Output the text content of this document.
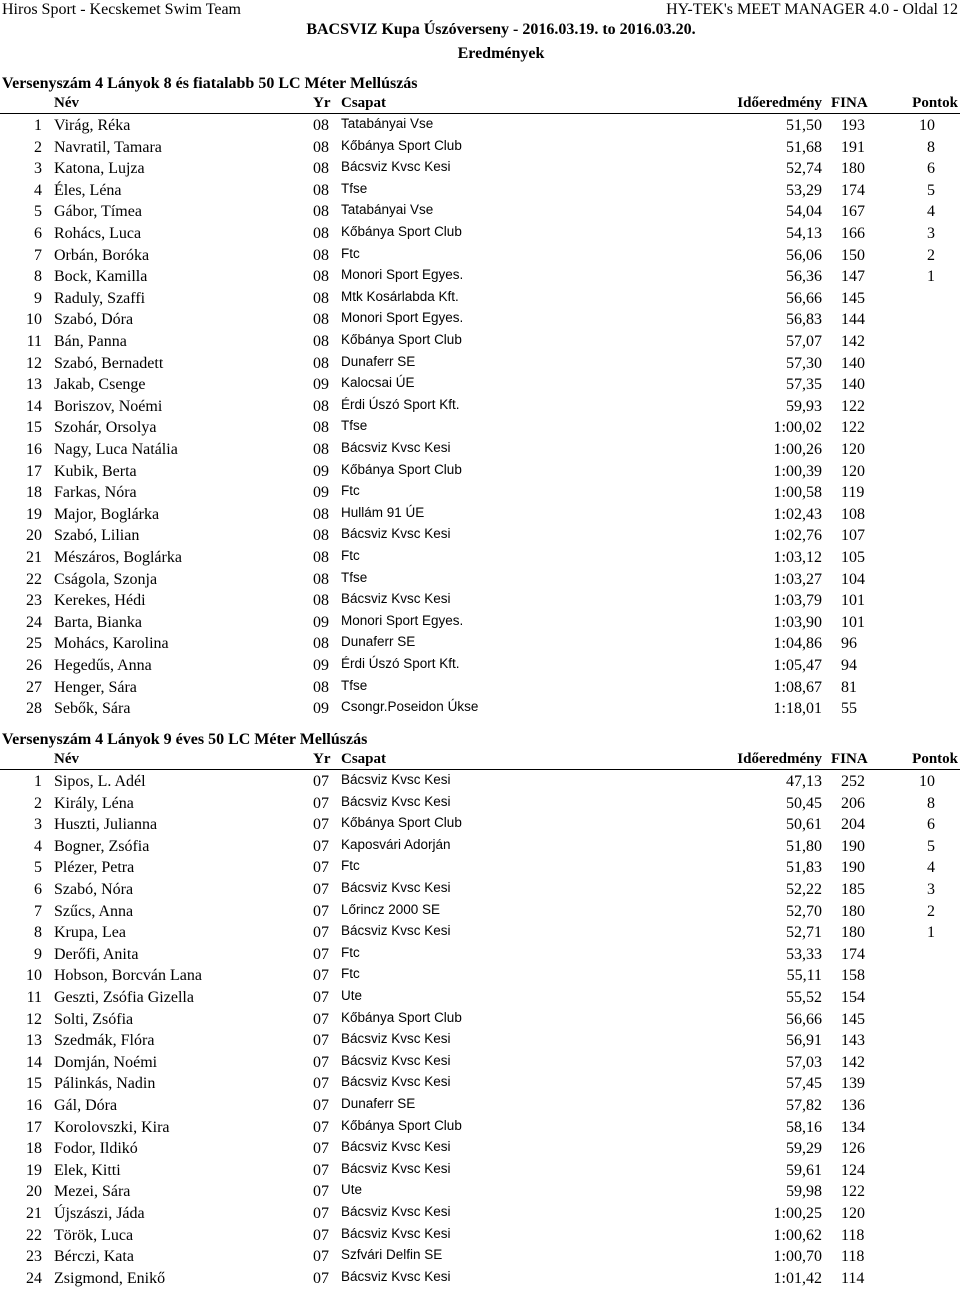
Hiros Sport - Kecskemet Swim Team	HY-TEK's MEET MANAGER 4.0 - Oldal 12
BACSVIZ Kupa Úszóverseny - 2016.03.19. to 2016.03.20.
Eredmények
Versenyszám 4 Lányok 8 és fiatalabb 50 LC Méter Mellúszás
Név	Yr Csapat	Időeredmény FINA	Pontok
1 Virág, Réka	08 Tatabányai Vse	51,50 193	10
2 Navratil, Tamara	08 Kőbánya Sport Club	51,68 191	8
3 Katona, Lujza	08 Bácsviz Kvsc Kesi	52,74 180	6
4 Éles, Léna	08 Tfse	53,29 174	5
5 Gábor, Tímea	08 Tatabányai Vse	54,04 167	4
6 Rohács, Luca	08 Kőbánya Sport Club	54,13 166	3
7 Orbán, Boróka	08 Ftc	56,06 150	2
8 Bock, Kamilla	08 Monori Sport Egyes.	56,36 147	1
9 Raduly, Szaffi	08 Mtk Kosárlabda Kft.	56,66 145
10 Szabó, Dóra	08 Monori Sport Egyes.	56,83 144
11 Bán, Panna	08 Kőbánya Sport Club	57,07 142
12 Szabó, Bernadett	08 Dunaferr SE	57,30 140
13 Jakab, Csenge	09 Kalocsai ÚE	57,35 140
14 Boriszov, Noémi	08 Érdi Úszó Sport Kft.	59,93 122
15 Szohár, Orsolya	08 Tfse	1:00,02 122
16 Nagy, Luca Natália	08 Bácsviz Kvsc Kesi	1:00,26 120
17 Kubik, Berta	09 Kőbánya Sport Club	1:00,39 120
18 Farkas, Nóra	09 Ftc	1:00,58 119
19 Major, Boglárka	08 Hullám 91 ÚE	1:02,43 108
20 Szabó, Lilian	08 Bácsviz Kvsc Kesi	1:02,76 107
21 Mészáros, Boglárka	08 Ftc	1:03,12 105
22 Cságola, Szonja	08 Tfse	1:03,27 104
23 Kerekes, Hédi	08 Bácsviz Kvsc Kesi	1:03,79 101
24 Barta, Bianka	09 Monori Sport Egyes.	1:03,90 101
25 Mohács, Karolina	08 Dunaferr SE	1:04,86 96
26 Hegedűs, Anna	09 Érdi Úszó Sport Kft.	1:05,47 94
27 Henger, Sára	08 Tfse	1:08,67 81
28 Sebők, Sára	09 Csongr.Poseidon Úkse	1:18,01 55
Versenyszám 4 Lányok 9 éves 50 LC Méter Mellúszás
Név	Yr Csapat	Időeredmény FINA	Pontok
1 Sipos, L. Adél	07 Bácsviz Kvsc Kesi	47,13 252	10
2 Király, Léna	07 Bácsviz Kvsc Kesi	50,45 206	8
3 Huszti, Julianna	07 Kőbánya Sport Club	50,61 204	6
4 Bogner, Zsófia	07 Kaposvári Adorján	51,80 190	5
5 Plézer, Petra	07 Ftc	51,83 190	4
6 Szabó, Nóra	07 Bácsviz Kvsc Kesi	52,22 185	3
7 Szűcs, Anna	07 Lőrincz 2000 SE	52,70 180	2
8 Krupa, Lea	07 Bácsviz Kvsc Kesi	52,71 180	1
9 Derőfi, Anita	07 Ftc	53,33 174
10 Hobson, Borcván Lana	07 Ftc	55,11 158
11 Geszti, Zsófia Gizella	07 Ute	55,52 154
12 Solti, Zsófia	07 Kőbánya Sport Club	56,66 145
13 Szedmák, Flóra	07 Bácsviz Kvsc Kesi	56,91 143
14 Domján, Noémi	07 Bácsviz Kvsc Kesi	57,03 142
15 Pálinkás, Nadin	07 Bácsviz Kvsc Kesi	57,45 139
16 Gál, Dóra	07 Dunaferr SE	57,82 136
17 Korolovszki, Kira	07 Kőbánya Sport Club	58,16 134
18 Fodor, Ildikó	07 Bácsviz Kvsc Kesi	59,29 126
19 Elek, Kitti	07 Bácsviz Kvsc Kesi	59,61 124
20 Mezei, Sára	07 Ute	59,98 122
21 Újszászi, Jáda	07 Bácsviz Kvsc Kesi	1:00,25 120
22 Török, Luca	07 Bácsviz Kvsc Kesi	1:00,62 118
23 Bérczi, Kata	07 Szfvári Delfin SE	1:00,70 118
24 Zsigmond, Enikő	07 Bácsviz Kvsc Kesi	1:01,42 114
